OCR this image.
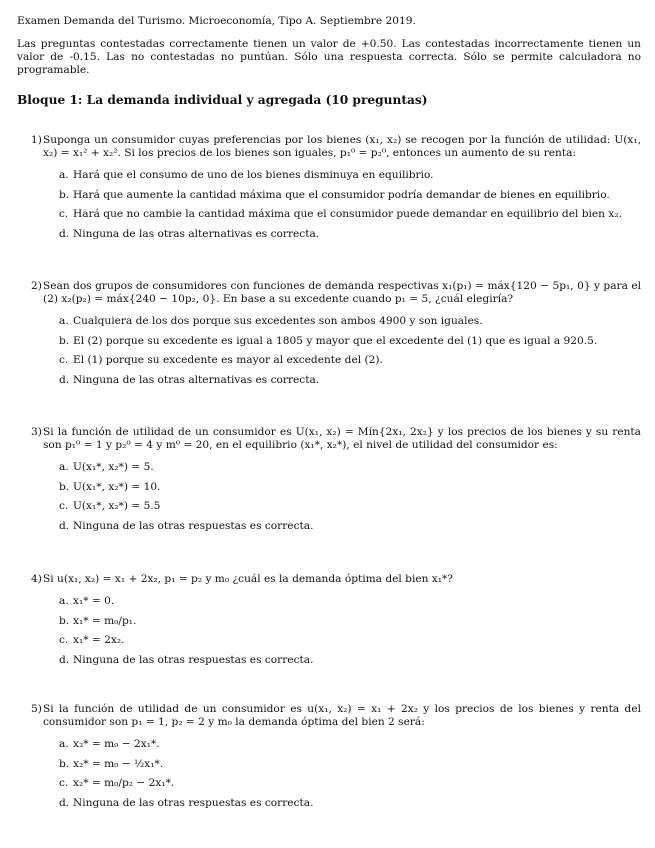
Examen Demanda del Turismo. Microeconomía, Tipo A. Septiembre 2019.
Las preguntas contestadas correctamente tienen un valor de +0.50. Las contestadas incorrectamente tienen un valor de -0.15. Las no contestadas no puntúan. Sólo una respuesta correcta. Sólo se permite calculadora no programable.
Bloque 1: La demanda individual y agregada (10 preguntas)
1) Suponga un consumidor cuyas preferencias por los bienes (x₁, x₂) se recogen por la función de utilidad: U(x₁, x₂) = x₁² + x₂². Si los precios de los bienes son iguales, p₁⁰ = p₂⁰, entonces un aumento de su renta:
a. Hará que el consumo de uno de los bienes disminuya en equilibrio.
b. Hará que aumente la cantidad máxima que el consumidor podría demandar de bienes en equilibrio.
c. Hará que no cambie la cantidad máxima que el consumidor puede demandar en equilibrio del bien x₂.
d. Ninguna de las otras alternativas es correcta.
2) Sean dos grupos de consumidores con funciones de demanda respectivas x₁(p₁) = máx{120 − 5p₁, 0} y para el (2) x₂(p₂) = máx{240 − 10p₂, 0}. En base a su excedente cuando p₁ = 5, ¿cuál elegiría?
a. Cualquiera de los dos porque sus excedentes son ambos 4900 y son iguales.
b. El (2) porque su excedente es igual a 1805 y mayor que el excedente del (1) que es igual a 920.5.
c. El (1) porque su excedente es mayor al excedente del (2).
d. Ninguna de las otras alternativas es correcta.
3) Si la función de utilidad de un consumidor es U(x₁, x₂) = Mín{2x₁, 2x₂} y los precios de los bienes y su renta son p₁⁰ = 1 y p₂⁰ = 4 y m⁰ = 20, en el equilibrio (x₁*, x₂*), el nivel de utilidad del consumidor es:
a. U(x₁*, x₂*) = 5.
b. U(x₁*, x₂*) = 10.
c. U(x₁*, x₂*) = 5.5
d. Ninguna de las otras respuestas es correcta.
4) Si u(x₁, x₂) = x₁ + 2x₂, p₁ = p₂ y m₀ ¿cuál es la demanda óptima del bien x₁*?
a. x₁* = 0.
b. x₁* = m₀/p₁.
c. x₁* = 2x₂.
d. Ninguna de las otras respuestas es correcta.
5) Si la función de utilidad de un consumidor es u(x₁, x₂) = x₁ + 2x₂ y los precios de los bienes y renta del consumidor son p₁ = 1, p₂ = 2 y m₀ la demanda óptima del bien 2 será:
a. x₂* = m₀ − 2x₁*.
b. x₂* = m₀ − ½x₁*.
c. x₂* = m₀/p₂ − 2x₁*.
d. Ninguna de las otras respuestas es correcta.
